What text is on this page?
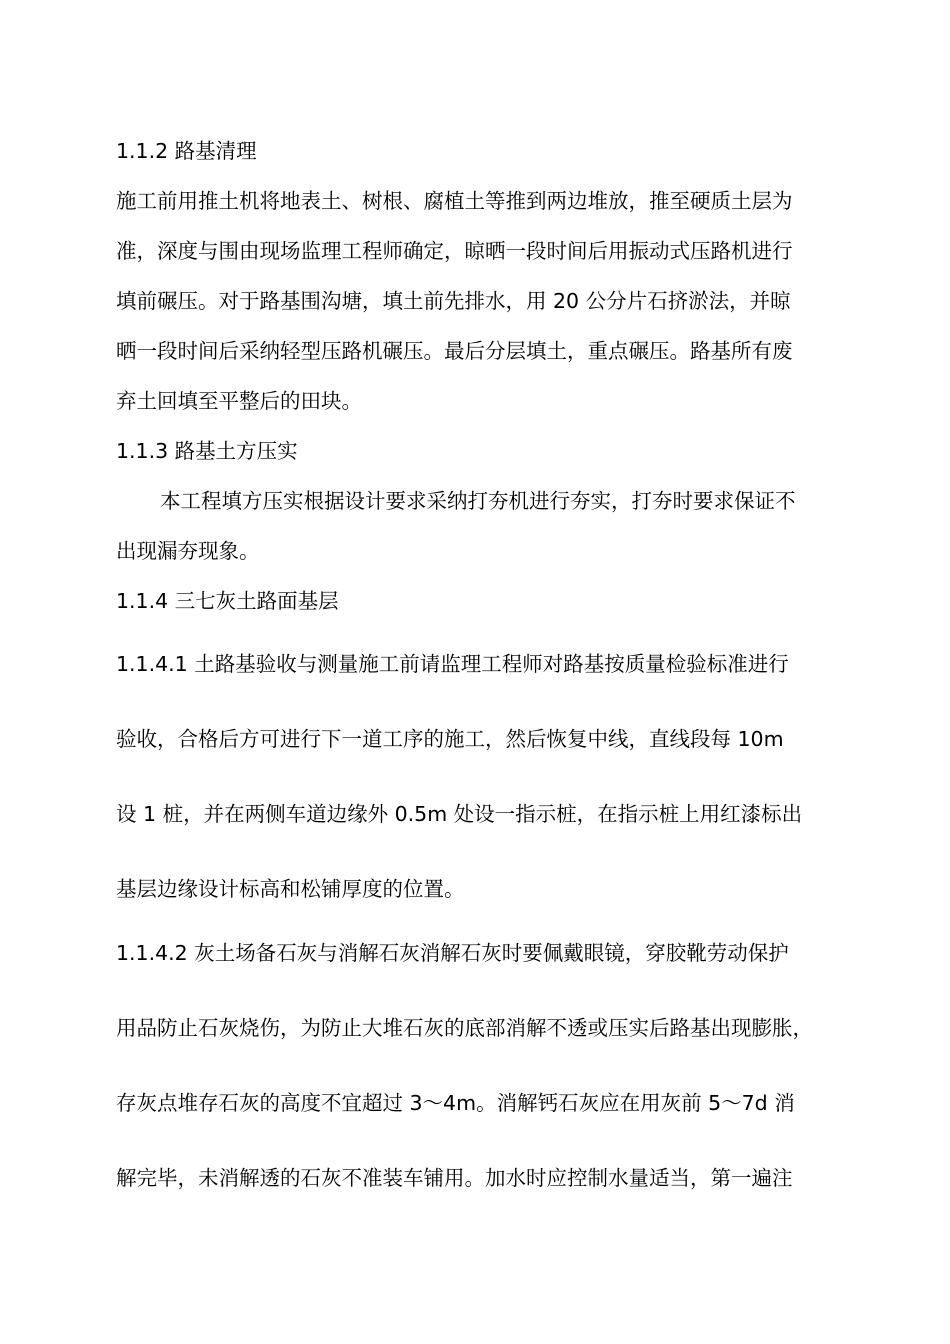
1.1.2 路基清理
施工前用推土机将地表土、树根、腐植土等推到两边堆放，推至硬质土层为
准，深度与围由现场监理工程师确定，晾晒一段时间后用振动式压路机进行
填前碾压。对于路基围沟塘，填土前先排水，用 20 公分片石挤淤法，并晾
晒一段时间后采纳轻型压路机碾压。最后分层填土，重点碾压。路基所有废
弃土回填至平整后的田块。
1.1.3 路基土方压实
本工程填方压实根据设计要求采纳打夯机进行夯实，打夯时要求保证不
出现漏夯现象。
1.1.4 三七灰土路面基层
1.1.4.1 土路基验收与测量施工前请监理工程师对路基按质量检验标准进行
验收，合格后方可进行下一道工序的施工，然后恢复中线，直线段每 10m
设 1 桩，并在两侧车道边缘外 0.5m 处设一指示桩，在指示桩上用红漆标出
基层边缘设计标高和松铺厚度的位置。
1.1.4.2 灰土场备石灰与消解石灰消解石灰时要佩戴眼镜，穿胶靴劳动保护
用品防止石灰烧伤，为防止大堆石灰的底部消解不透或压实后路基出现膨胀，
存灰点堆存石灰的高度不宜超过 3～4m。消解钙石灰应在用灰前 5～7d 消
解完毕，未消解透的石灰不准装车铺用。加水时应控制水量适当，第一遍注
